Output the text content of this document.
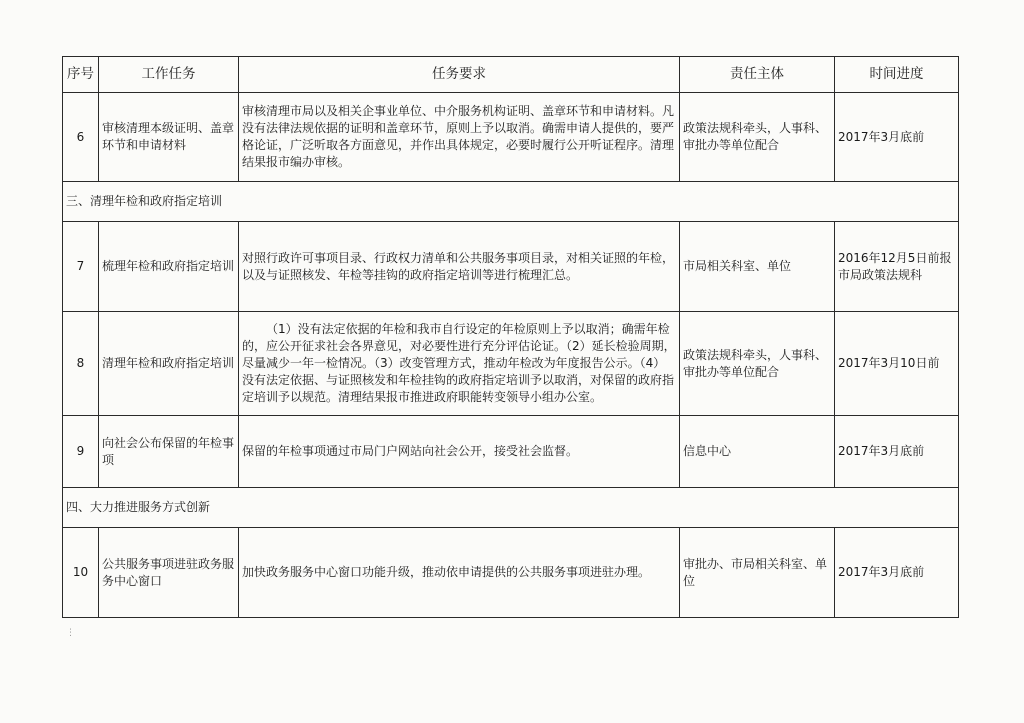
序号	工作任务	任务要求	责任主体	时间进度
6	审核清理本级证明、盖章环节和申请材料	审核清理市局以及相关企事业单位、中介服务机构证明、盖章环节和申请材料。凡没有法律法规依据的证明和盖章环节，原则上予以取消。确需申请人提供的，要严格论证，广泛听取各方面意见，并作出具体规定，必要时履行公开听证程序。清理结果报市编办审核。	政策法规科牵头，人事科、审批办等单位配合	2017年3月底前
三、清理年检和政府指定培训				
7	梳理年检和政府指定培训	对照行政许可事项目录、行政权力清单和公共服务事项目录，对相关证照的年检，以及与证照核发、年检等挂钩的政府指定培训等进行梳理汇总。	市局相关科室、单位	2016年12月5日前报市局政策法规科
8	清理年检和政府指定培训	（1）没有法定依据的年检和我市自行设定的年检原则上予以取消；确需年检的，应公开征求社会各界意见，对必要性进行充分评估论证。（2）延长检验周期，尽量减少一年一检情况。（3）改变管理方式，推动年检改为年度报告公示。（4）没有法定依据、与证照核发和年检挂钩的政府指定培训予以取消，对保留的政府指定培训予以规范。清理结果报市推进政府职能转变领导小组办公室。	政策法规科牵头，人事科、审批办等单位配合	2017年3月10日前
9	向社会公布保留的年检事项	保留的年检事项通过市局门户网站向社会公开，接受社会监督。	信息中心	2017年3月底前
四、大力推进服务方式创新				
10	公共服务事项进驻政务服务中心窗口	加快政务服务中心窗口功能升级，推动依申请提供的公共服务事项进驻办理。	审批办、市局相关科室、单位	2017年3月底前
⋮
